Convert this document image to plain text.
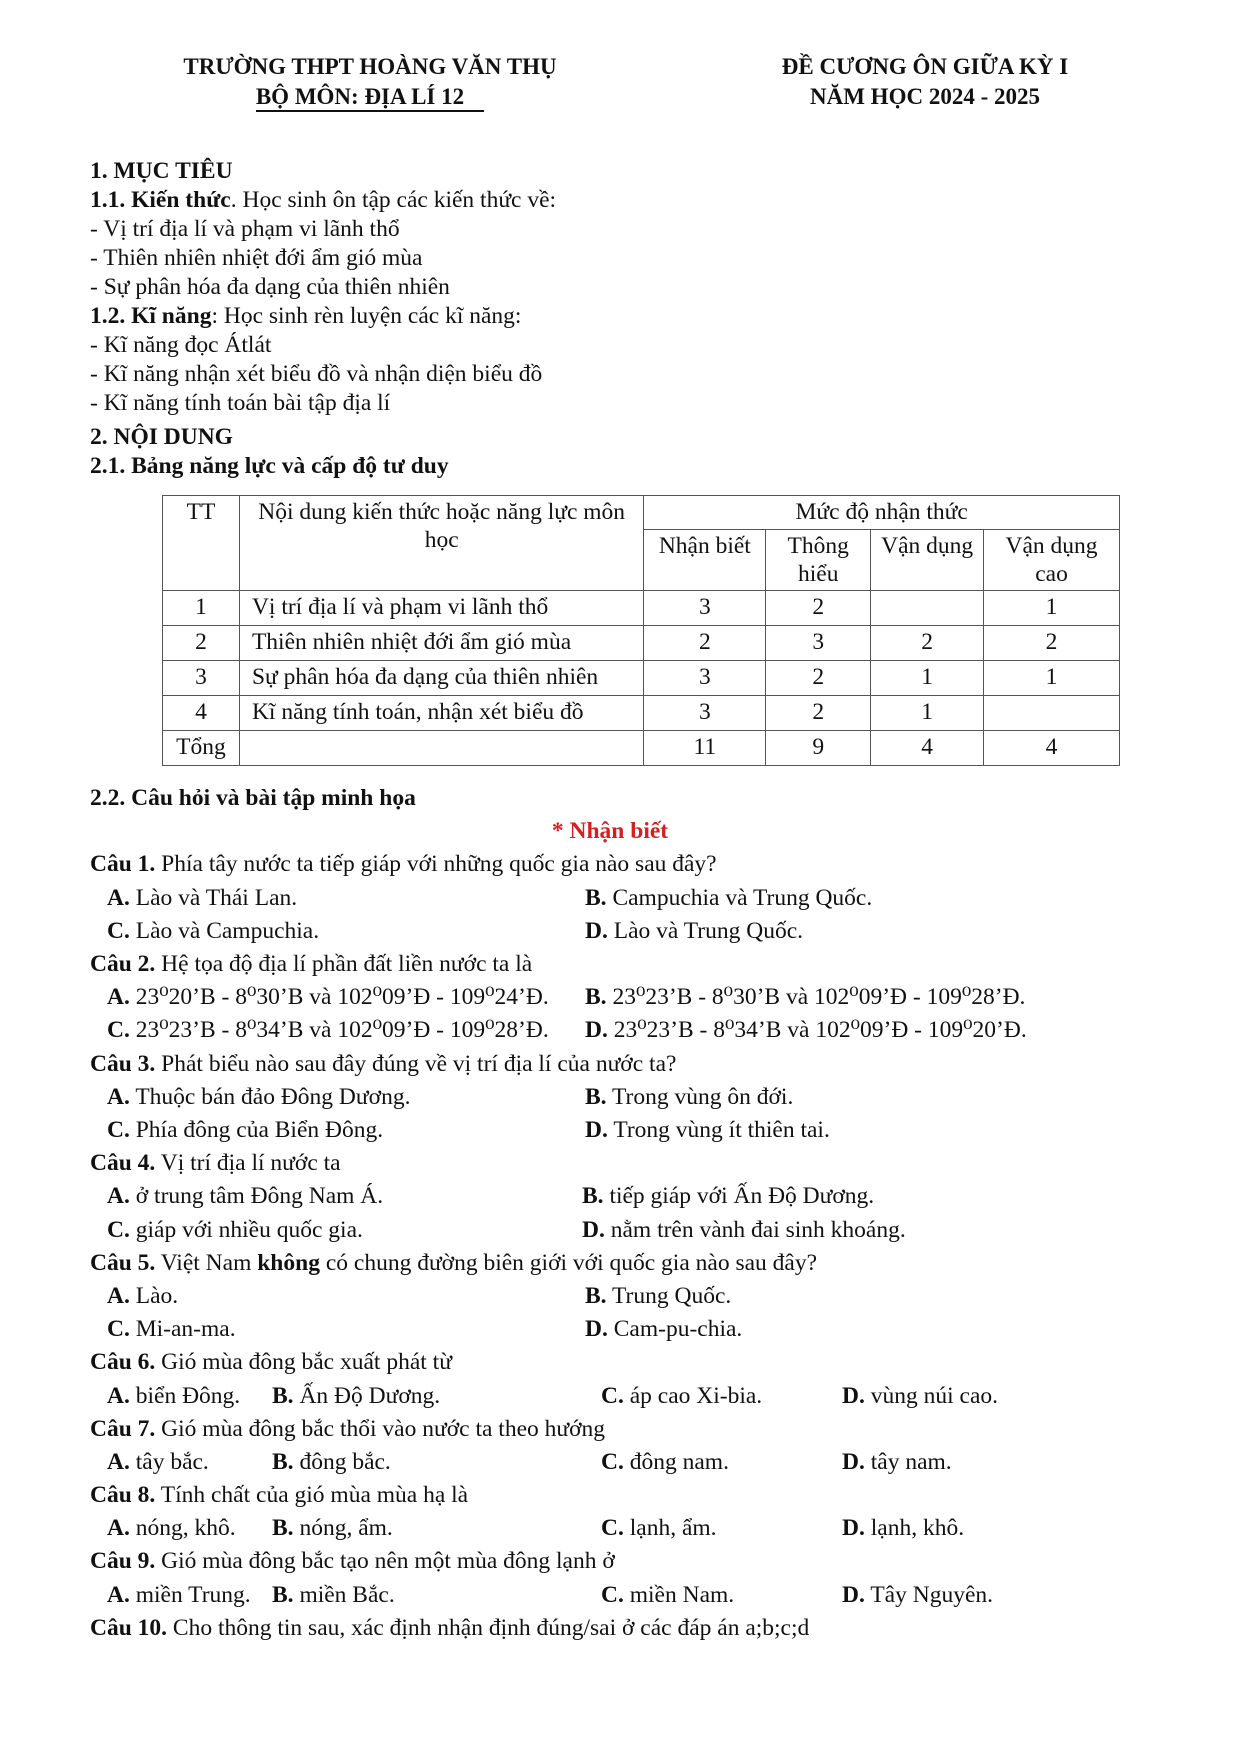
TRƯỜNG THPT HOÀNG VĂN THỤ
BỘ MÔN: ĐỊA LÍ 12
ĐỀ CƯƠNG ÔN GIỮA KỲ I
NĂM HỌC 2024 - 2025
1. MỤC TIÊU
1.1. Kiến thức. Học sinh ôn tập các kiến thức về:
- Vị trí địa lí và phạm vi lãnh thổ
- Thiên nhiên nhiệt đới ẩm gió mùa
- Sự phân hóa đa dạng của thiên nhiên
1.2. Kĩ năng: Học sinh rèn luyện các kĩ năng:
- Kĩ năng đọc Átlát
- Kĩ năng nhận xét biểu đồ và nhận diện biểu đồ
- Kĩ năng tính toán bài tập địa lí
2. NỘI DUNG
2.1. Bảng năng lực và cấp độ tư duy
TT	Nội dung kiến thức hoặc năng lực môn học	Mức độ nhận thức			
		Nhận biết	Thông hiểu	Vận dụng	Vận dụng cao
1	Vị trí địa lí và phạm vi lãnh thổ	3	2		1
2	Thiên nhiên nhiệt đới ẩm gió mùa	2	3	2	2
3	Sự phân hóa đa dạng của thiên nhiên	3	2	1	1
4	Kĩ năng tính toán, nhận xét biểu đồ	3	2	1	
Tổng		11	9	4	4
2.2. Câu hỏi và bài tập minh họa
* Nhận biết
Câu 1. Phía tây nước ta tiếp giáp với những quốc gia nào sau đây?
A. Lào và Thái Lan.	B. Campuchia và Trung Quốc.
C. Lào và Campuchia.	D. Lào và Trung Quốc.
Câu 2. Hệ tọa độ địa lí phần đất liền nước ta là
A. 23⁰20’B - 8⁰30’B và 102⁰09’Đ - 109⁰24’Đ. B. 23⁰23’B - 8⁰30’B và 102⁰09’Đ - 109⁰28’Đ.
C. 23⁰23’B - 8⁰34’B và 102⁰09’Đ - 109⁰28’Đ. D. 23⁰23’B - 8⁰34’B và 102⁰09’Đ - 109⁰20’Đ.
Câu 3. Phát biểu nào sau đây đúng về vị trí địa lí của nước ta?
A. Thuộc bán đảo Đông Dương.	B. Trong vùng ôn đới.
C. Phía đông của Biển Đông.	D. Trong vùng ít thiên tai.
Câu 4. Vị trí địa lí nước ta
A. ở trung tâm Đông Nam Á.	B. tiếp giáp với Ấn Độ Dương.
C. giáp với nhiều quốc gia.	D. nằm trên vành đai sinh khoáng.
Câu 5. Việt Nam không có chung đường biên giới với quốc gia nào sau đây?
A. Lào.	B. Trung Quốc.
C. Mi-an-ma.	D. Cam-pu-chia.
Câu 6. Gió mùa đông bắc xuất phát từ
A. biển Đông. B. Ấn Độ Dương.	C. áp cao Xi-bia.	D. vùng núi cao.
Câu 7. Gió mùa đông bắc thổi vào nước ta theo hướng
A. tây bắc.	B. đông bắc.	C. đông nam.	D. tây nam.
Câu 8. Tính chất của gió mùa mùa hạ là
A. nóng, khô. B. nóng, ẩm.	C. lạnh, ẩm.	D. lạnh, khô.
Câu 9. Gió mùa đông bắc tạo nên một mùa đông lạnh ở
A. miền Trung. B. miền Bắc.	C. miền Nam.	D. Tây Nguyên.
Câu 10. Cho thông tin sau, xác định nhận định đúng/sai ở các đáp án a;b;c;d
